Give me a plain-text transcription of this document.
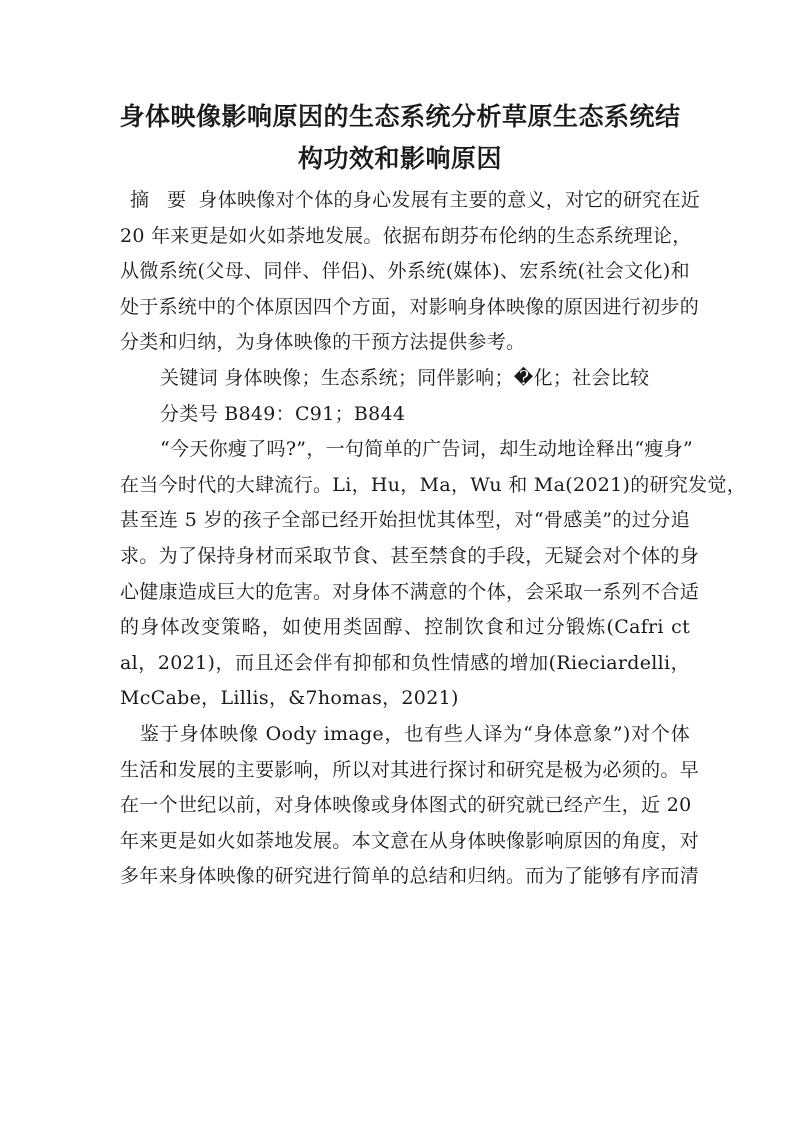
身体映像影响原因的生态系统分析草原生态系统结
构功效和影响原因
摘 要 身体映像对个体的身心发展有主要的意义，对它的研究在近
20 年来更是如火如荼地发展。依据布朗芬布伦纳的生态系统理论，
从微系统(父母、同伴、伴侣)、外系统(媒体)、宏系统(社会文化)和
处于系统中的个体原因四个方面，对影响身体映像的原因进行初步的
分类和归纳，为身体映像的干预方法提供参考。
关键词 身体映像；生态系统；同伴影响；�化；社会比较
分类号 B849：C91；B844
“今天你瘦了吗?”，一句简单的广告词，却生动地诠释出“瘦身”
在当今时代的大肆流行。Li，Hu，Ma，Wu 和 Ma(2021)的研究发觉，
甚至连 5 岁的孩子全部已经开始担忧其体型，对“骨感美”的过分追
求。为了保持身材而采取节食、甚至禁食的手段，无疑会对个体的身
心健康造成巨大的危害。对身体不满意的个体，会采取一系列不合适
的身体改变策略，如使用类固醇、控制饮食和过分锻炼(Cafri ct
al，2021)，而且还会伴有抑郁和负性情感的增加(Rieciardelli，
McCabe，Lillis，&7homas，2021)
鉴于身体映像 Oody image，也有些人译为“身体意象”)对个体
生活和发展的主要影响，所以对其进行探讨和研究是极为必须的。早
在一个世纪以前，对身体映像或身体图式的研究就已经产生，近 20
年来更是如火如荼地发展。本文意在从身体映像影响原因的角度，对
多年来身体映像的研究进行简单的总结和归纳。而为了能够有序而清
